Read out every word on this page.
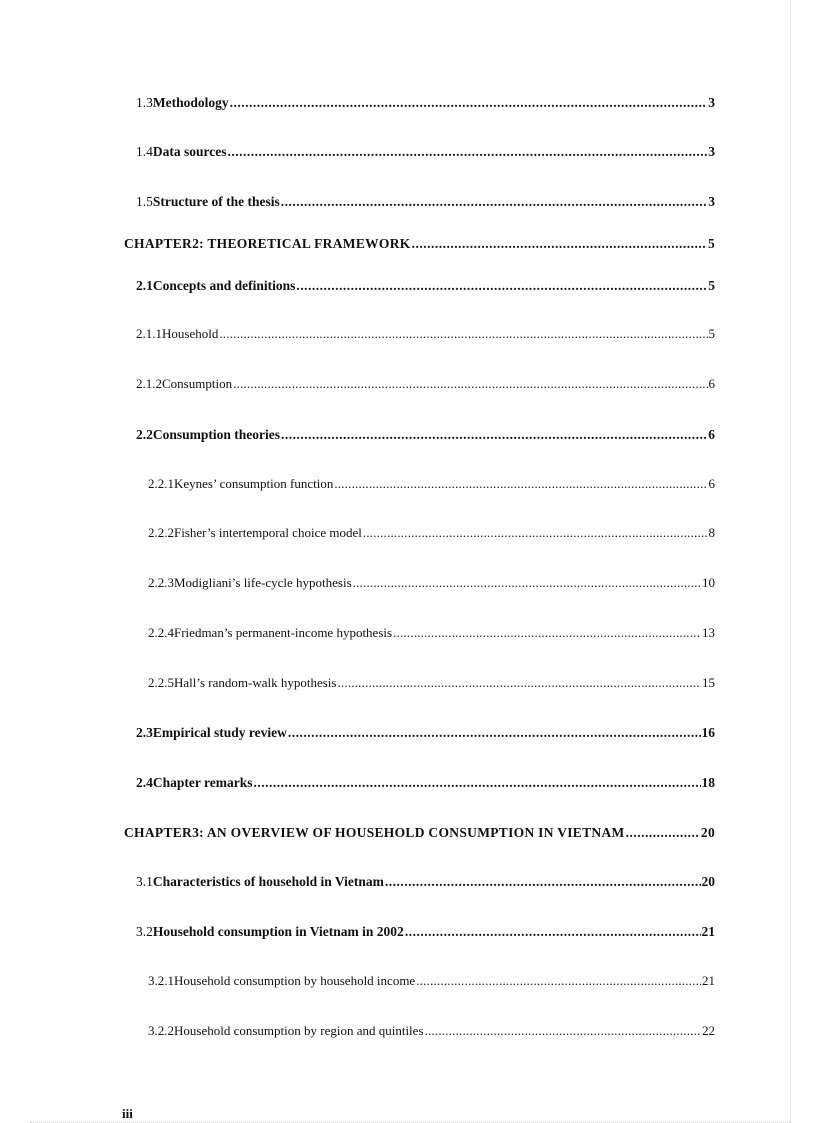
1.3 Methodology .....	3
1.4 Data sources .....	3
1.5 Structure of the thesis .....	3
CHAPTER2: THEORETICAL FRAMEWORK .....	5
2.1 Concepts and definitions .....	5
2.1.1 Household .....	5
2.1.2 Consumption .....	6
2.2 Consumption theories .....	6
2.2.1 Keynes’ consumption function .....	6
2.2.2 Fisher’s intertemporal choice model .....	8
2.2.3 Modigliani’s life-cycle hypothesis .....	10
2.2.4 Friedman’s permanent-income hypothesis .....	13
2.2.5 Hall’s random-walk hypothesis .....	15
2.3 Empirical study review .....	16
2.4 Chapter remarks .....	18
CHAPTER3: AN OVERVIEW OF HOUSEHOLD CONSUMPTION IN VIETNAM .....	20
3.1 Characteristics of household in Vietnam .....	20
3.2 Household consumption in Vietnam in 2002 .....	21
3.2.1 Household consumption by household income .....	21
3.2.2 Household consumption by region and quintiles .....	22
iii
